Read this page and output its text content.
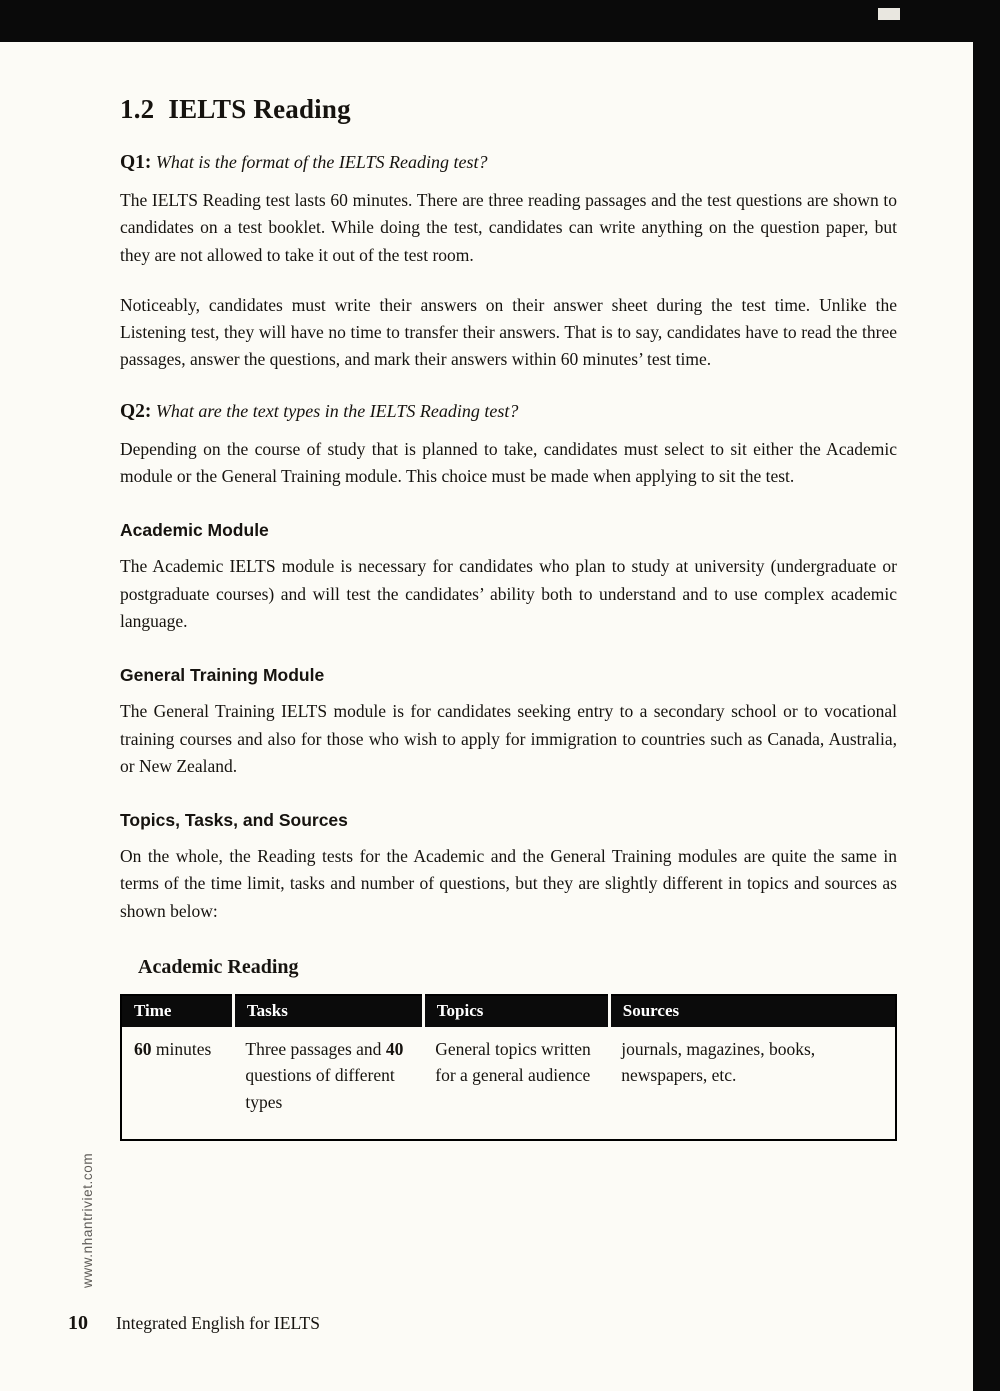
www.nhantriviet.com
1.2 IELTS Reading

Q1: What is the format of the IELTS Reading test?

The IELTS Reading test lasts 60 minutes. There are three reading passages and the test questions are shown to candidates on a test booklet. While doing the test, candidates can write anything on the question paper, but they are not allowed to take it out of the test room.

Noticeably, candidates must write their answers on their answer sheet during the test time. Unlike the Listening test, they will have no time to transfer their answers. That is to say, candidates have to read the three passages, answer the questions, and mark their answers within 60 minutes’ test time.

Q2: What are the text types in the IELTS Reading test?

Depending on the course of study that is planned to take, candidates must select to sit either the Academic module or the General Training module. This choice must be made when applying to sit the test.

Academic Module

The Academic IELTS module is necessary for candidates who plan to study at university (undergraduate or postgraduate courses) and will test the candidates’ ability both to understand and to use complex academic language.

General Training Module

The General Training IELTS module is for candidates seeking entry to a secondary school or to vocational training courses and also for those who wish to apply for immigration to countries such as Canada, Australia, or New Zealand.

Topics, Tasks, and Sources

On the whole, the Reading tests for the Academic and the General Training modules are quite the same in terms of the time limit, tasks and number of questions, but they are slightly different in topics and sources as shown below:

Academic Reading
Time	Tasks	Topics	Sources
60 minutes	Three passages and 40 questions of different types	General topics written for a general audience	journals, magazines, books, newspapers, etc.
10 Integrated English for IELTS
